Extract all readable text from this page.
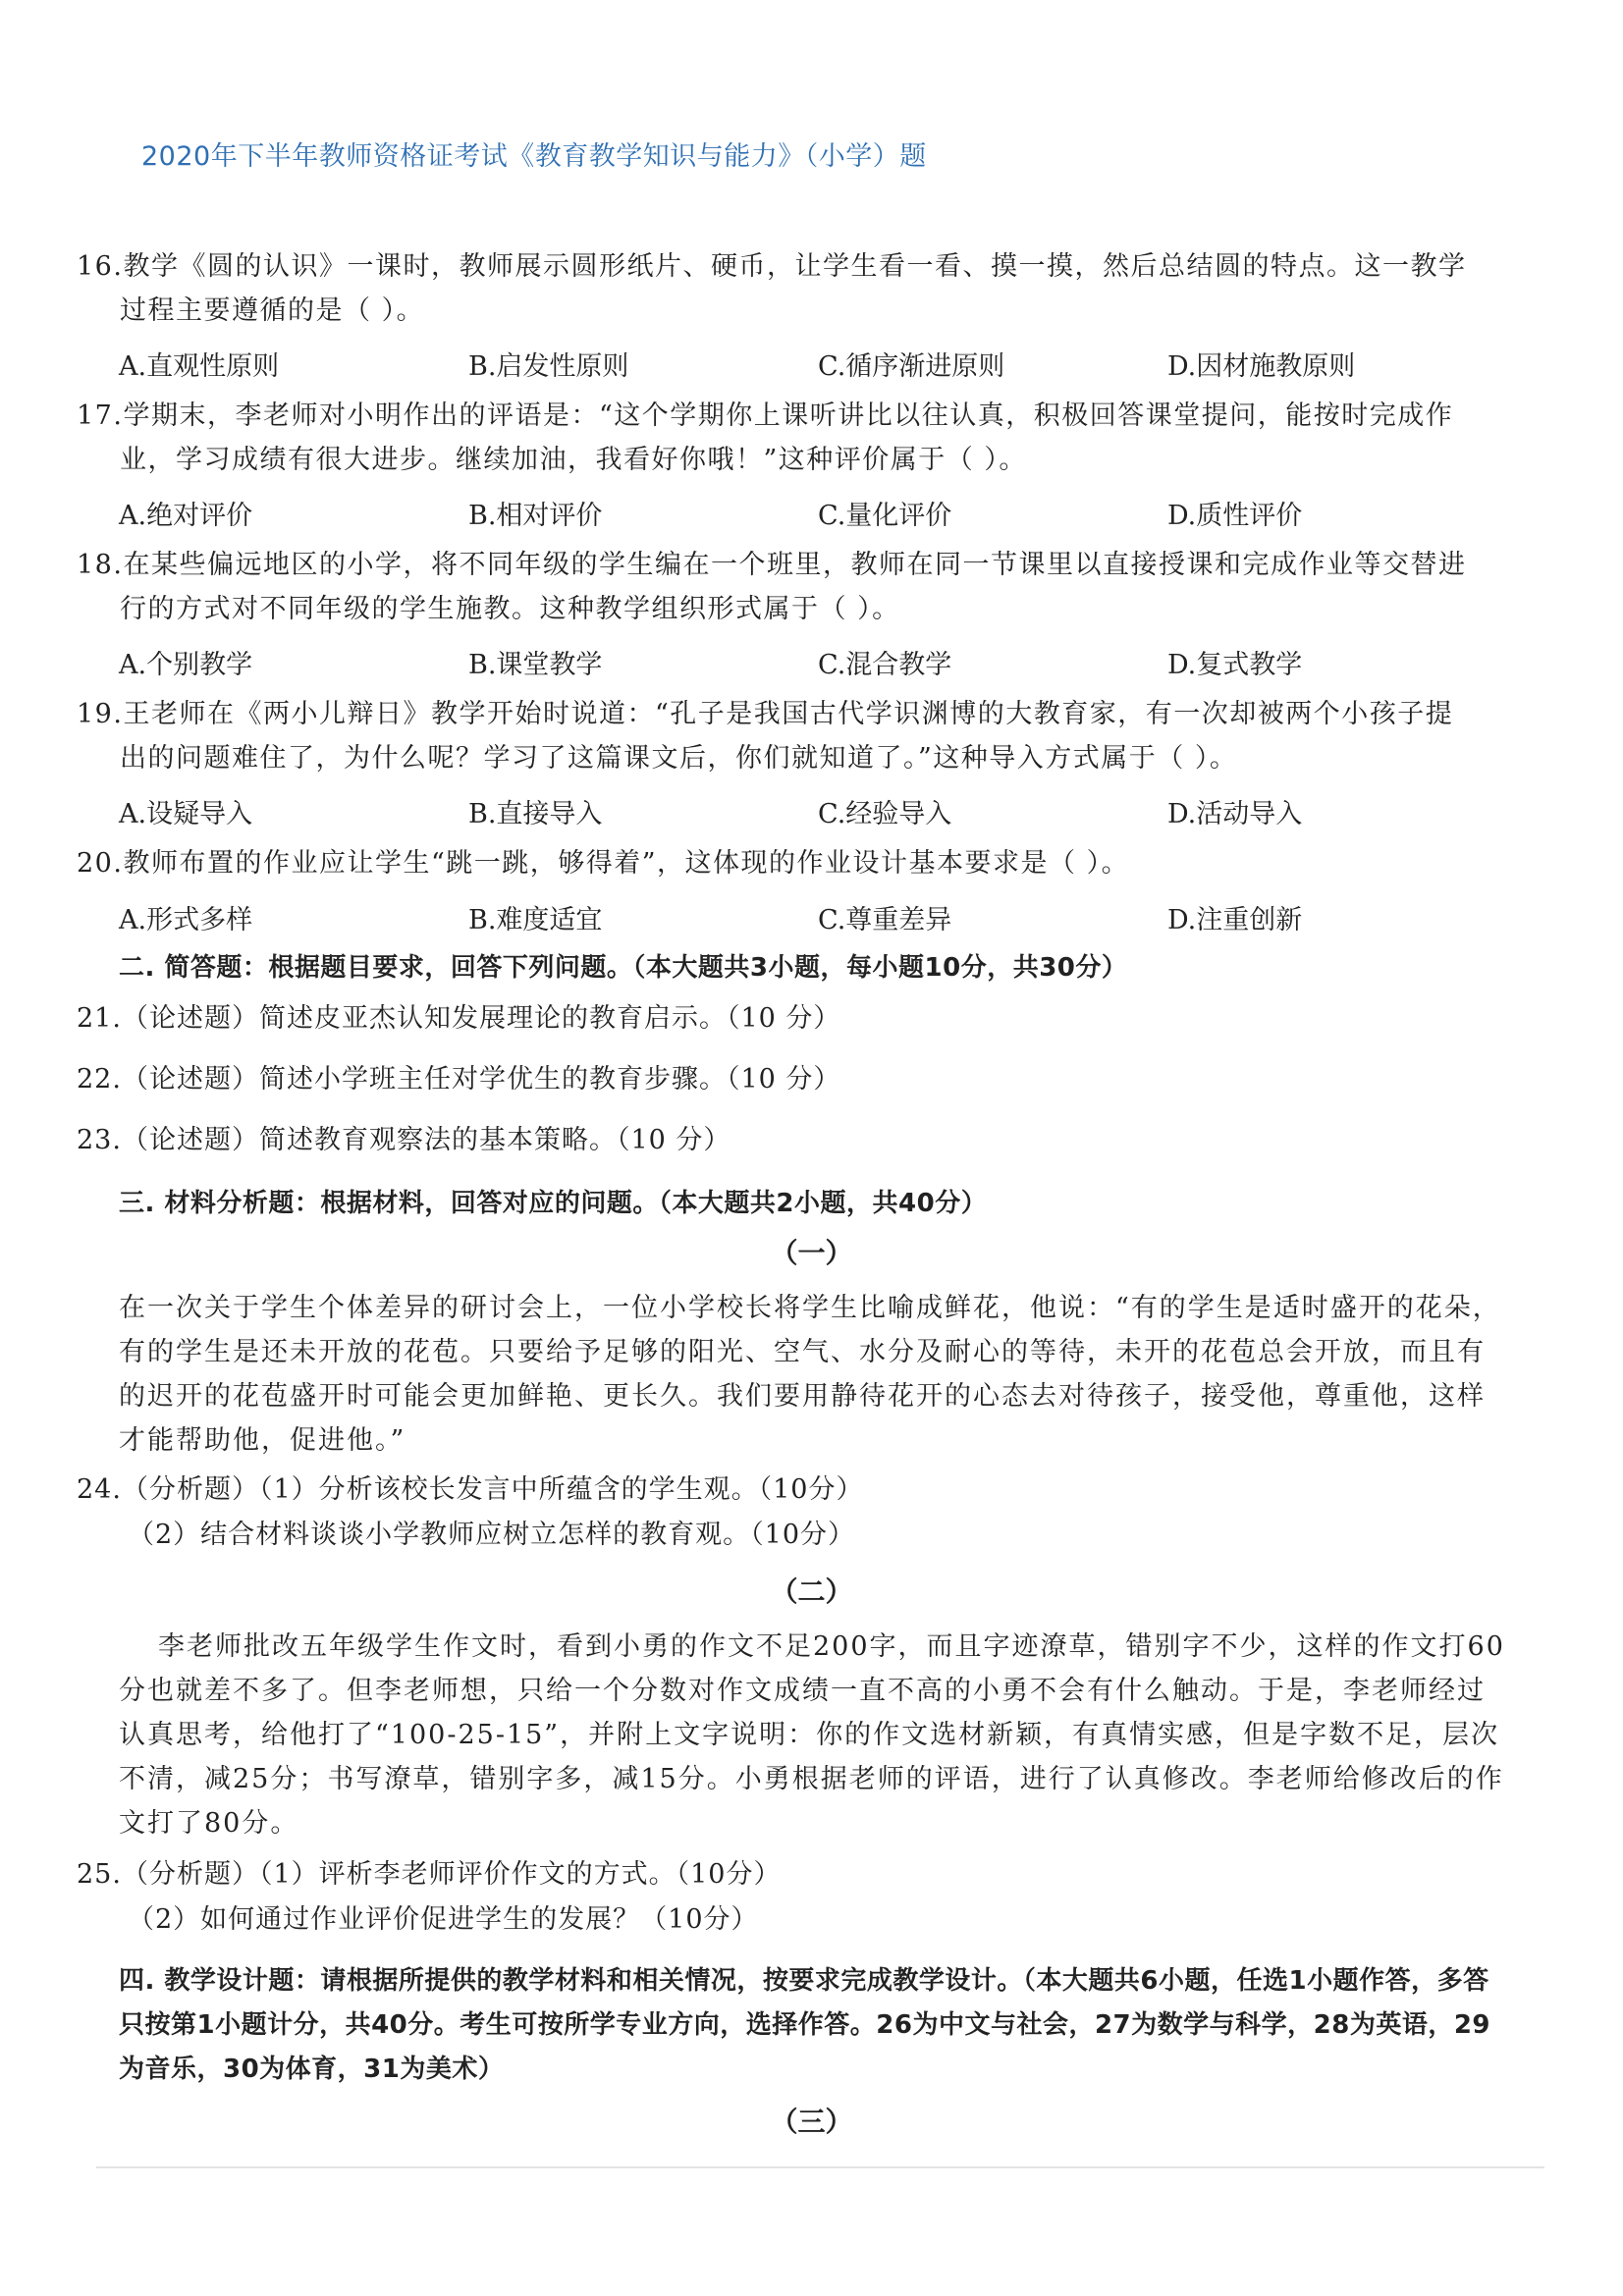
2020年下半年教师资格证考试《教育教学知识与能力》（小学）题
16.教学《圆的认识》一课时，教师展示圆形纸片、硬币，让学生看一看、摸一摸，然后总结圆的特点。这一教学
过程主要遵循的是（ ）。
A.直观性原则	B.启发性原则	C.循序渐进原则	D.因材施教原则
17.学期末，李老师对小明作出的评语是：“这个学期你上课听讲比以往认真，积极回答课堂提问，能按时完成作
业，学习成绩有很大进步。继续加油，我看好你哦！”这种评价属于（ ）。
A.绝对评价	B.相对评价	C.量化评价	D.质性评价
18.在某些偏远地区的小学，将不同年级的学生编在一个班里，教师在同一节课里以直接授课和完成作业等交替进
行的方式对不同年级的学生施教。这种教学组织形式属于（ ）。
A.个别教学	B.课堂教学	C.混合教学	D.复式教学
19.王老师在《两小儿辩日》教学开始时说道：“孔子是我国古代学识渊博的大教育家，有一次却被两个小孩子提
出的问题难住了，为什么呢？学习了这篇课文后，你们就知道了。”这种导入方式属于（ ）。
A.设疑导入	B.直接导入	C.经验导入	D.活动导入
20.教师布置的作业应让学生“跳一跳，够得着”，这体现的作业设计基本要求是（ ）。
A.形式多样	B.难度适宜	C.尊重差异	D.注重创新
二. 简答题：根据题目要求，回答下列问题。（本大题共3小题，每小题10分，共30分）
21.（论述题）简述皮亚杰认知发展理论的教育启示。（10 分）
22.（论述题）简述小学班主任对学优生的教育步骤。（10 分）
23.（论述题）简述教育观察法的基本策略。（10 分）
三. 材料分析题：根据材料，回答对应的问题。（本大题共2小题，共40分）
（一）
在一次关于学生个体差异的研讨会上，一位小学校长将学生比喻成鲜花，他说：“有的学生是适时盛开的花朵，有的学生是还未开放的花苞。只要给予足够的阳光、空气、水分及耐心的等待，未开的花苞总会开放，而且有的迟开的花苞盛开时可能会更加鲜艳、更长久。我们要用静待花开的心态去对待孩子，接受他，尊重他，这样才能帮助他，促进他。”
24.（分析题）（1）分析该校长发言中所蕴含的学生观。（10分）
（2）结合材料谈谈小学教师应树立怎样的教育观。（10分）
（二）
李老师批改五年级学生作文时，看到小勇的作文不足200字，而且字迹潦草，错别字不少，这样的作文打60分也就差不多了。但李老师想，只给一个分数对作文成绩一直不高的小勇不会有什么触动。于是，李老师经过认真思考，给他打了“100-25-15”，并附上文字说明：你的作文选材新颖，有真情实感，但是字数不足，层次不清，减25分；书写潦草，错别字多，减15分。小勇根据老师的评语，进行了认真修改。李老师给修改后的作文打了80分。
25.（分析题）（1）评析李老师评价作文的方式。（10分）
（2）如何通过作业评价促进学生的发展？（10分）
四. 教学设计题：请根据所提供的教学材料和相关情况，按要求完成教学设计。（本大题共6小题，任选1小题作答，多答只按第1小题计分，共40分。考生可按所学专业方向，选择作答。26为中文与社会，27为数学与科学，28为英语，29为音乐，30为体育，31为美术）
（三）
